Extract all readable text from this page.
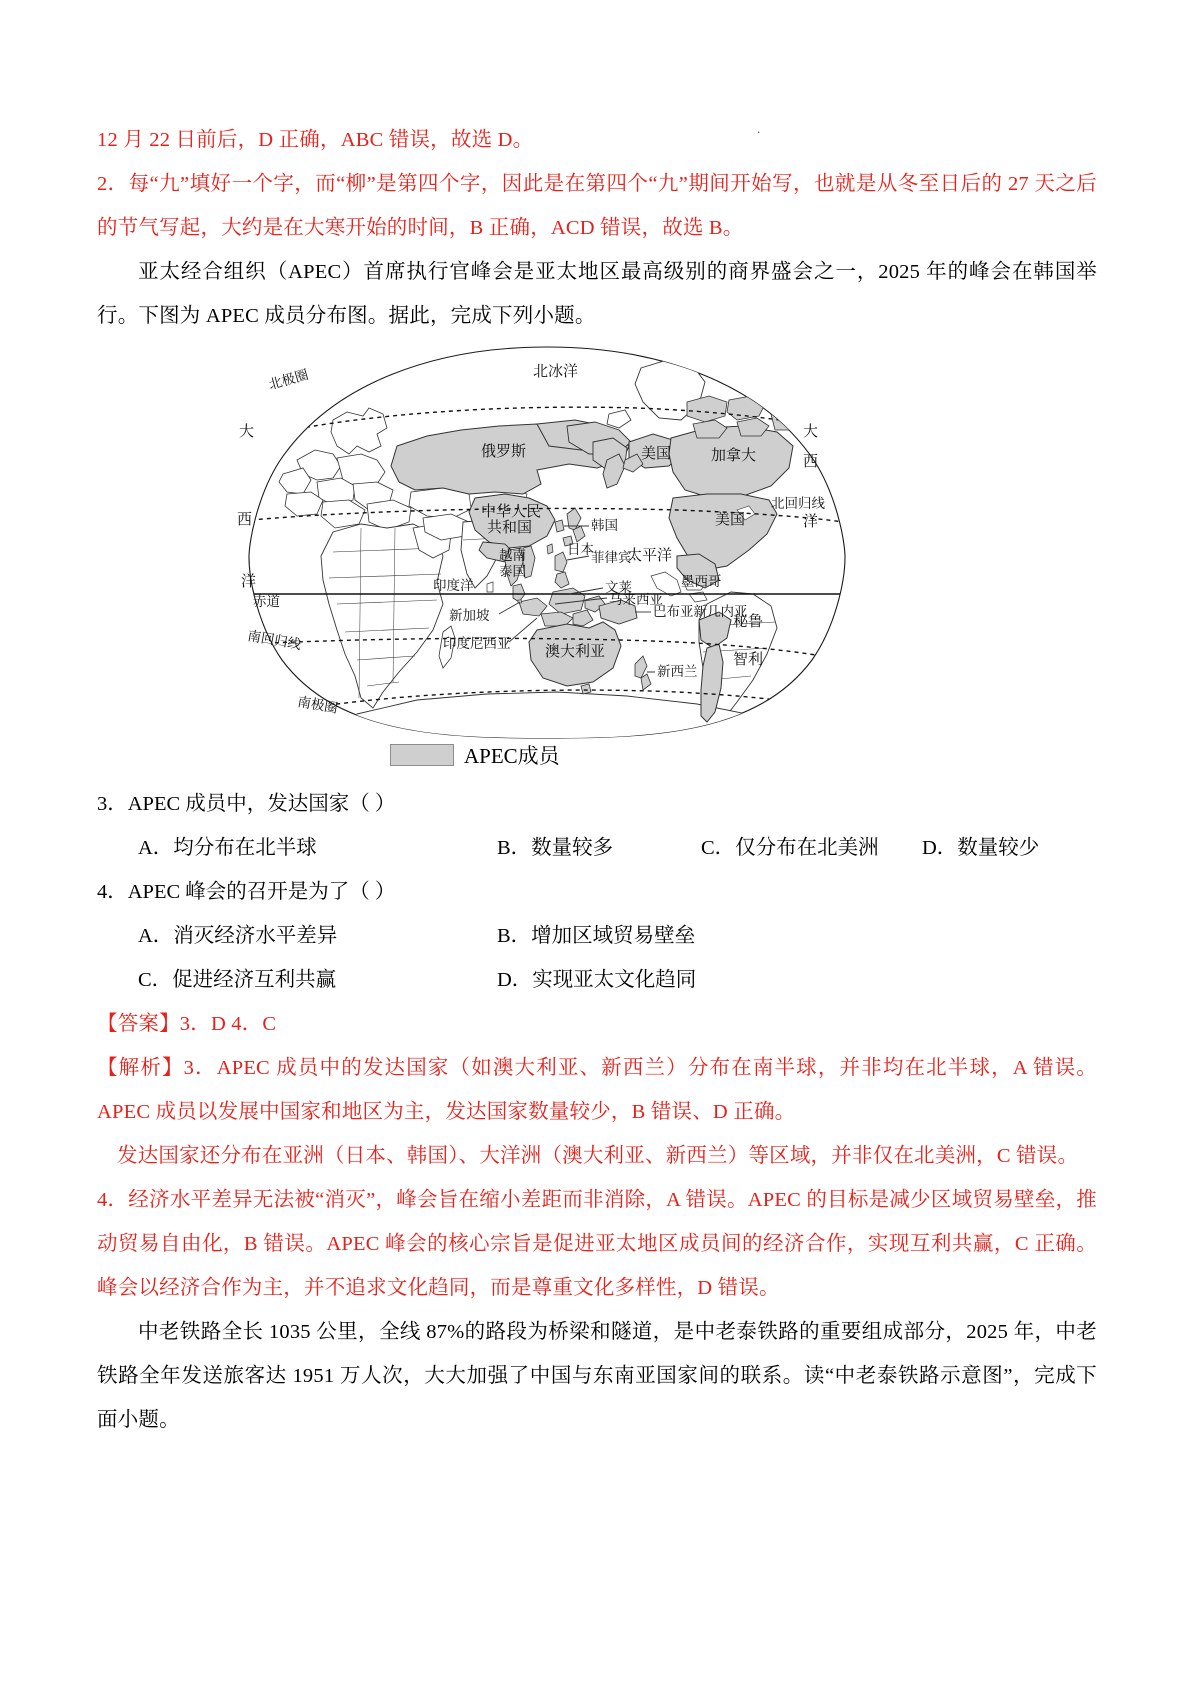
.

12 月 22 日前后，D 正确，ABC 错误，故选 D。

2．每“九”填好一个字，而“柳”是第四个字，因此是在第四个“九”期间开始写，也就是从冬至日后的 27 天之后的节气写起，大约是在大寒开始的时间，B 正确，ACD 错误，故选 B。

亚太经合组织（APEC）首席执行官峰会是亚太地区最高级别的商界盛会之一，2025 年的峰会在韩国举行。下图为 APEC 成员分布图。据此，完成下列小题。

北冰洋
北极圈
南极圈
大
西
洋
大
西
洋
太平洋
印度洋
赤道
北回归线
南回归线
俄罗斯
中华人民
共和国	韩国
日本
美国	加拿大
美国
墨西哥
秘鲁
智利
越南
泰国
菲律宾
文莱
马来西亚
新加坡
印度尼西亚
巴布亚新几内亚
澳大利亚
新西兰
APEC成员
3．APEC 成员中，发达国家（ ）
A．均分布在北半球	B．数量较多	C．仅分布在北美洲 D．数量较少
4．APEC 峰会的召开是为了（ ）
A．消灭经济水平差异	B．增加区域贸易壁垒
C．促进经济互利共赢	D．实现亚太文化趋同

【答案】3．D 4．C

【解析】3．APEC 成员中的发达国家（如澳大利亚、新西兰）分布在南半球，并非均在北半球，A 错误。APEC 成员以发展中国家和地区为主，发达国家数量较少，B 错误、D 正确。

发达国家还分布在亚洲（日本、韩国）、大洋洲（澳大利亚、新西兰）等区域，并非仅在北美洲，C 错误。

4．经济水平差异无法被“消灭”，峰会旨在缩小差距而非消除，A 错误。APEC 的目标是减少区域贸易壁垒，推动贸易自由化，B 错误。APEC 峰会的核心宗旨是促进亚太地区成员间的经济合作，实现互利共赢，C 正确。峰会以经济合作为主，并不追求文化趋同，而是尊重文化多样性，D 错误。

中老铁路全长 1035 公里，全线 87%的路段为桥梁和隧道，是中老泰铁路的重要组成部分，2025 年，中老铁路全年发送旅客达 1951 万人次，大大加强了中国与东南亚国家间的联系。读“中老泰铁路示意图”，完成下面小题。
